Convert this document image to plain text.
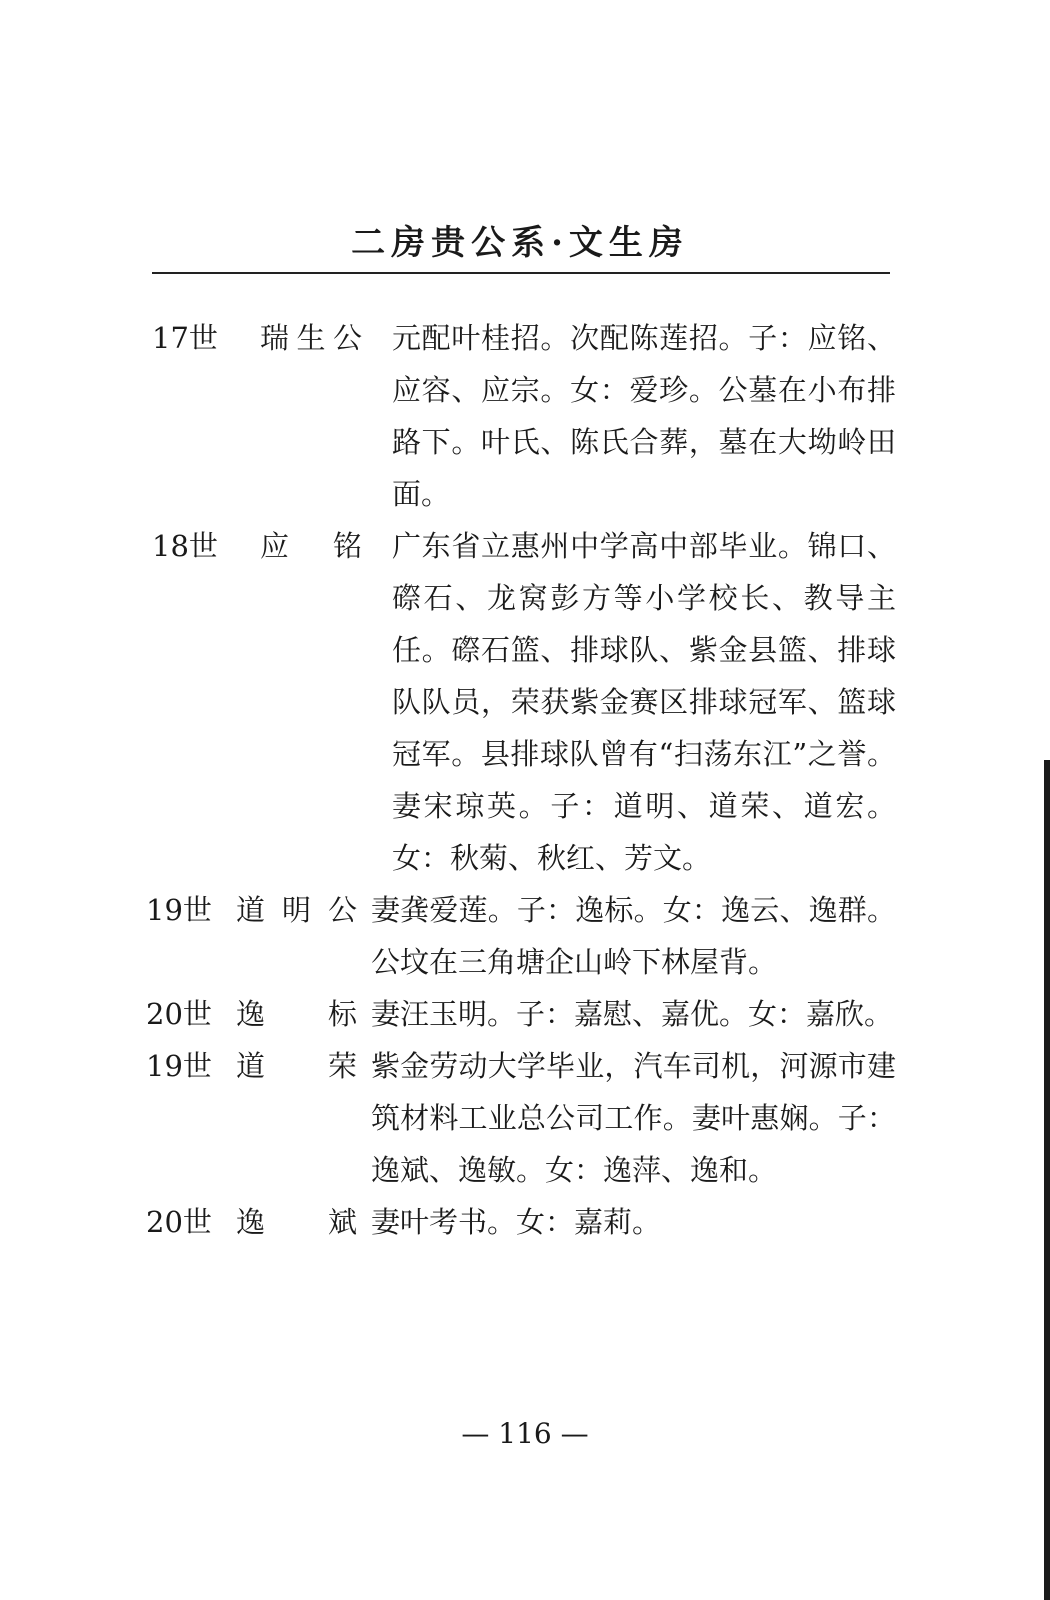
二房贵公系·文生房
17世	瑞生公	元配叶桂招。次配陈莲招。子：应铭、应容、应宗。女：爱珍。公墓在小布排路下。叶氏、陈氏合葬，墓在大坳岭田面。
18世	应铭	广东省立惠州中学高中部毕业。锦口、磜石、龙窝彭方等小学校长、教导主任。磜石篮、排球队、紫金县篮、排球队队员，荣获紫金赛区排球冠军、篮球冠军。县排球队曾有“扫荡东江”之誉。妻宋琼英。子：道明、道荣、道宏。女：秋菊、秋红、芳文。
19世 道明公 妻龚爱莲。子：逸标。女：逸云、逸群。公坟在三角塘企山岭下林屋背。
20世 逸标 妻汪玉明。子：嘉慰、嘉优。女：嘉欣。
19世 道荣 紫金劳动大学毕业，汽车司机，河源市建筑材料工业总公司工作。妻叶惠娴。子：逸斌、逸敏。女：逸萍、逸和。
20世 逸斌 妻叶考书。女：嘉莉。
— 116 —
